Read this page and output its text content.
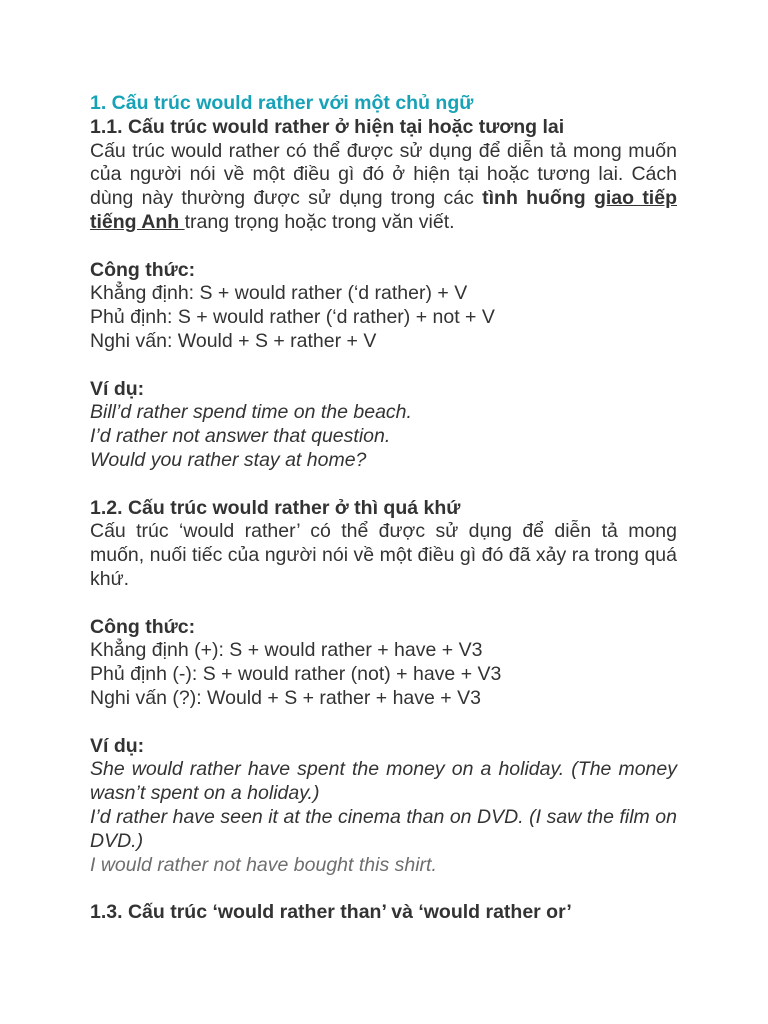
1. Cấu trúc would rather với một chủ ngữ
1.1. Cấu trúc would rather ở hiện tại hoặc tương lai
Cấu trúc would rather có thể được sử dụng để diễn tả mong muốn của người nói về một điều gì đó ở hiện tại hoặc tương lai. Cách dùng này thường được sử dụng trong các tình huống giao tiếp tiếng Anh trang trọng hoặc trong văn viết.
Công thức:
Khẳng định: S + would rather (‘d rather) + V
Phủ định: S + would rather (‘d rather) + not + V
Nghi vấn: Would + S + rather + V
Ví dụ:
Bill’d rather spend time on the beach.
I’d rather not answer that question.
Would you rather stay at home?
1.2. Cấu trúc would rather ở thì quá khứ
Cấu trúc ‘would rather’ có thể được sử dụng để diễn tả mong muốn, nuối tiếc của người nói về một điều gì đó đã xảy ra trong quá khứ.
Công thức:
Khẳng định (+): S + would rather + have + V3
Phủ định (-): S + would rather (not) + have + V3
Nghi vấn (?): Would + S + rather + have + V3
Ví dụ:
She would rather have spent the money on a holiday. (The money wasn’t spent on a holiday.)
I’d rather have seen it at the cinema than on DVD. (I saw the film on DVD.)
I would rather not have bought this shirt.
1.3. Cấu trúc ‘would rather than’ và ‘would rather or’
